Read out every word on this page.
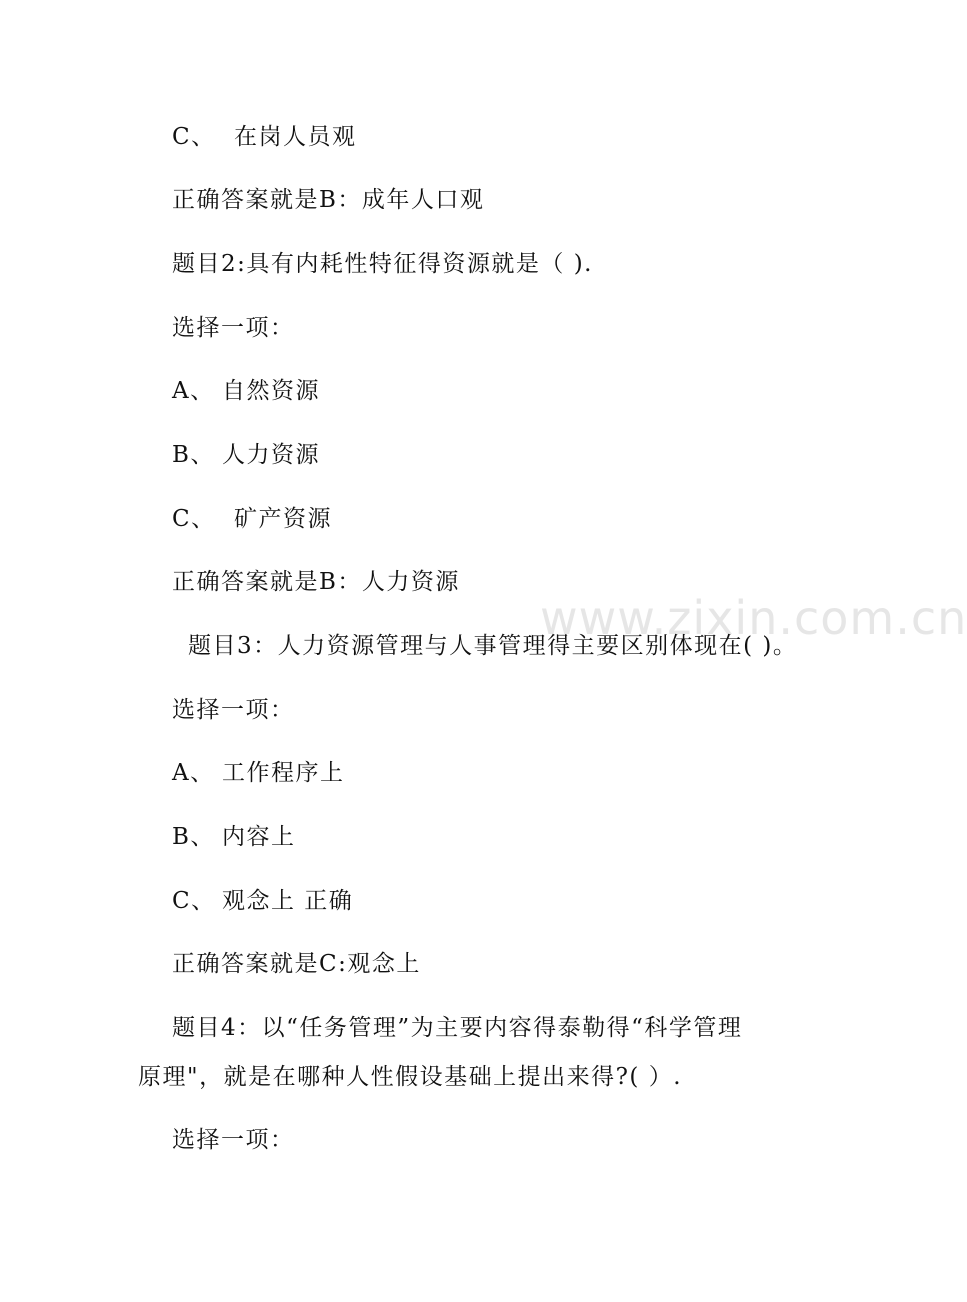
www.zixin.com.cn
C、 在岗人员观
正确答案就是B：成年人口观
题目2:具有内耗性特征得资源就是（ ).
选择一项：
A、 自然资源
B、 人力资源
C、 矿产资源
正确答案就是B：人力资源
题目3：人力资源管理与人事管理得主要区别体现在( )。
选择一项：
A、 工作程序上
B、 内容上
C、 观念上 正确
正确答案就是C:观念上
题目4：以“任务管理”为主要内容得泰勒得“科学管理
原理"，就是在哪种人性假设基础上提出来得?( ）.
选择一项：
